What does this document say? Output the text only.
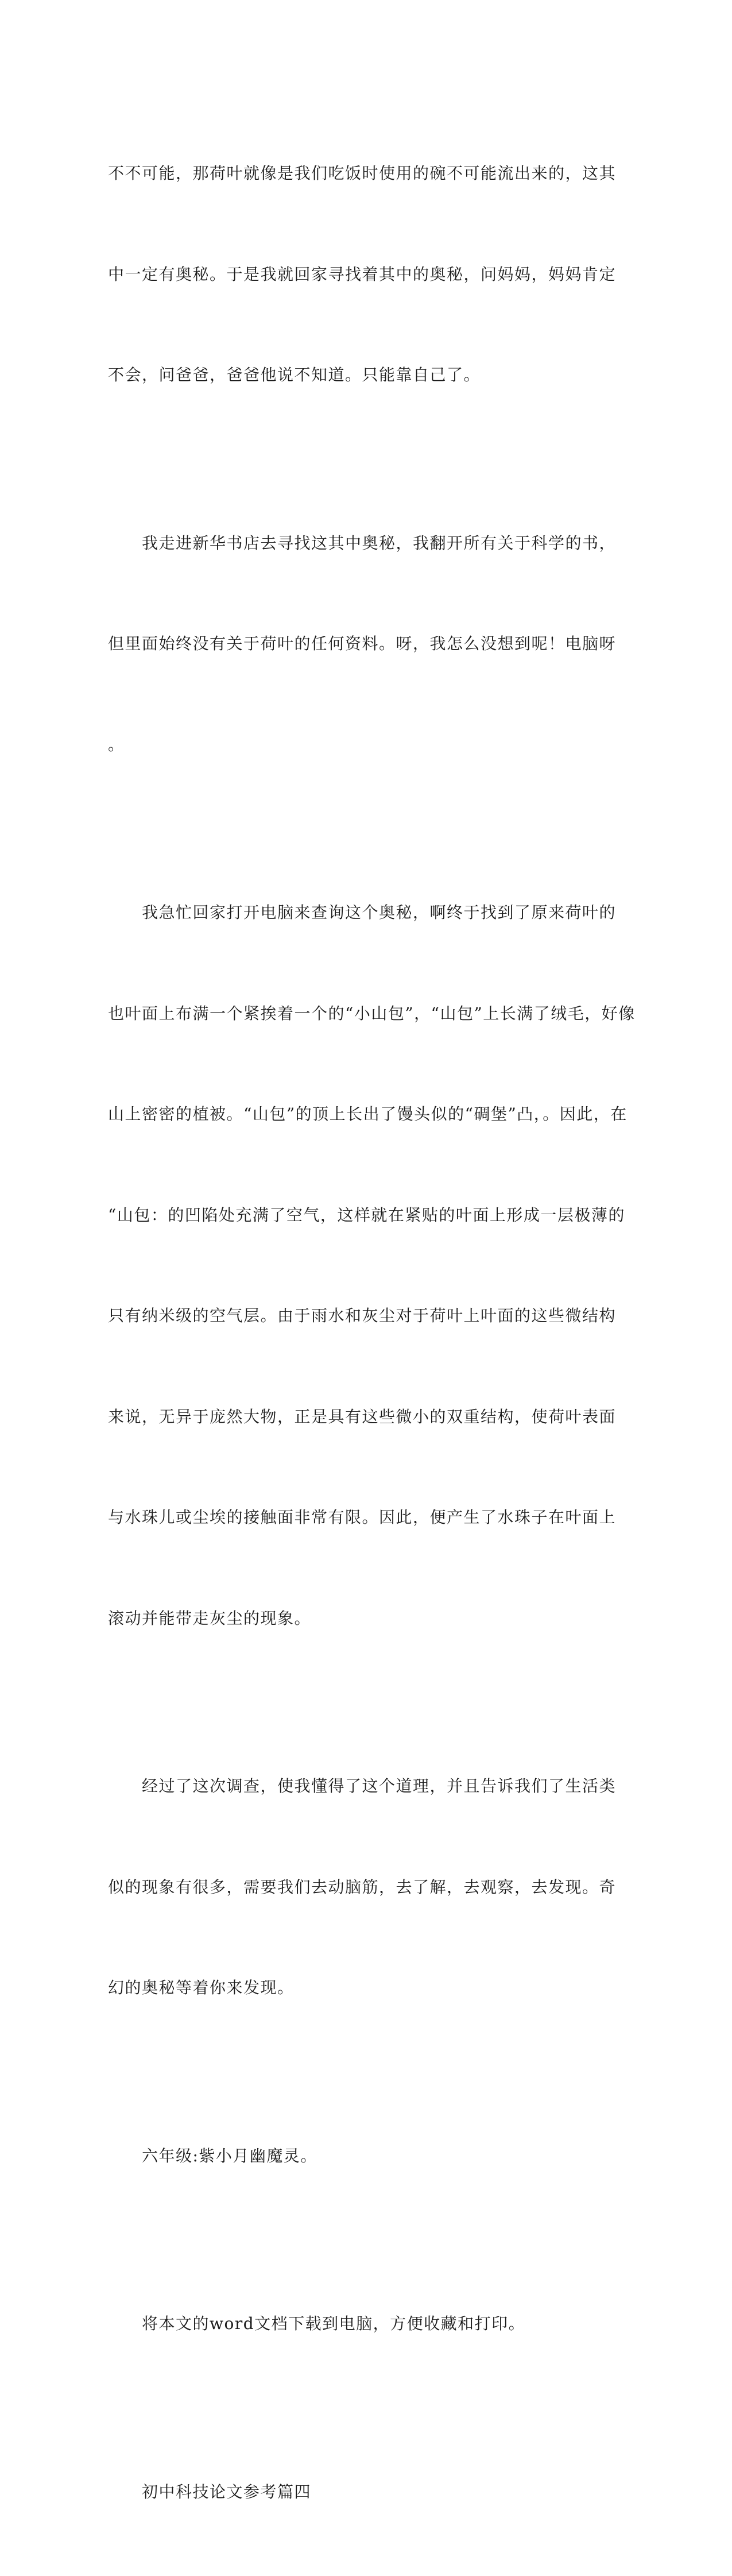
不不可能，那荷叶就像是我们吃饭时使用的碗不可能流出来的，这其

中一定有奥秘。于是我就回家寻找着其中的奥秘，问妈妈，妈妈肯定

不会，问爸爸，爸爸他说不知道。只能靠自己了。

　　我走进新华书店去寻找这其中奥秘，我翻开所有关于科学的书，

但里面始终没有关于荷叶的任何资料。呀，我怎么没想到呢！电脑呀

。

　　我急忙回家打开电脑来查询这个奥秘，啊终于找到了原来荷叶的

也叶面上布满一个紧挨着一个的“小山包”，“山包”上长满了绒毛，好像

山上密密的植被。“山包”的顶上长出了馒头似的“碉堡”凸，。因此，在

“山包：的凹陷处充满了空气，这样就在紧贴的叶面上形成一层极薄的

只有纳米级的空气层。由于雨水和灰尘对于荷叶上叶面的这些微结构

来说，无异于庞然大物，正是具有这些微小的双重结构，使荷叶表面

与水珠儿或尘埃的接触面非常有限。因此，便产生了水珠子在叶面上

滚动并能带走灰尘的现象。

　　经过了这次调查，使我懂得了这个道理，并且告诉我们了生活类

似的现象有很多，需要我们去动脑筋，去了解，去观察，去发现。奇

幻的奥秘等着你来发现。

　　六年级:紫小月幽魔灵。

　　将本文的word文档下载到电脑，方便收藏和打印。

　　初中科技论文参考篇四
